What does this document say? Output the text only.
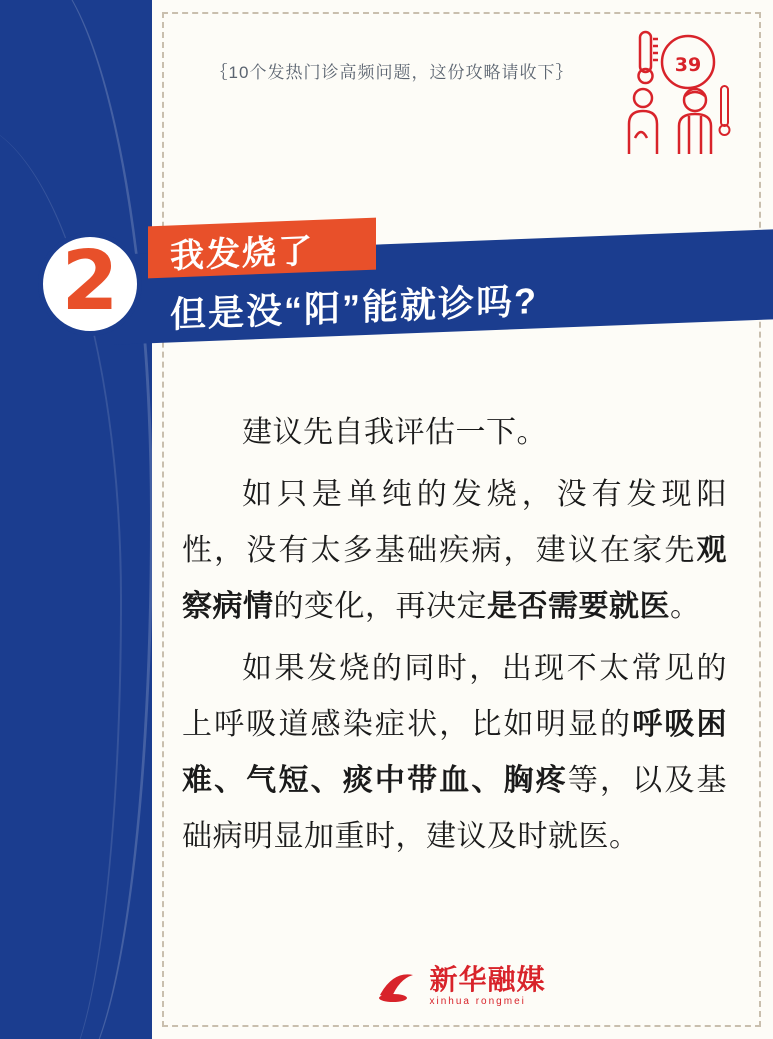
｛10个发热门诊高频问题，这份攻略请收下｝	39
2 我发烧了
但是没“阳”能就诊吗?

建议先自我评估一下。

如只是单纯的发烧，没有发现阳性，没有太多基础疾病，建议在家先观察病情的变化，再决定是否需要就医。

如果发烧的同时，出现不太常见的上呼吸道感染症状，比如明显的呼吸困难、气短、痰中带血、胸疼等，以及基础病明显加重时，建议及时就医。

新华融媒
xinhua rongmei
